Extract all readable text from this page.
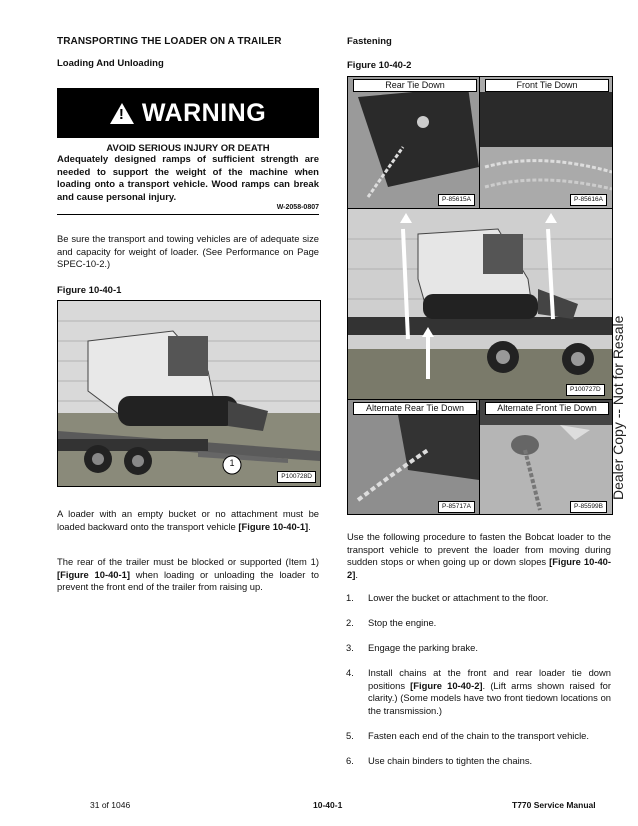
TRANSPORTING THE LOADER ON A TRAILER
Loading And Unloading
! WARNING
AVOID SERIOUS INJURY OR DEATH
Adequately designed ramps of sufficient strength are needed to support the weight of the machine when loading onto a transport vehicle. Wood ramps can break and cause personal injury.
W-2058-0807
Be sure the transport and towing vehicles are of adequate size and capacity for weight of loader. (See Performance on Page SPEC-10-2.)
Figure 10-40-1
1
P100728D
A loader with an empty bucket or no attachment must be loaded backward onto the transport vehicle [Figure 10-40-1].
The rear of the trailer must be blocked or supported (Item 1) [Figure 10-40-1] when loading or unloading the loader to prevent the front end of the trailer from raising up.
Fastening
Figure 10-40-2
Rear Tie Down	Front Tie Down
P-85615A	P-85616A
P100727D
Alternate Rear Tie Down	Alternate Front Tie Down
P-85717A	P-85599B
Use the following procedure to fasten the Bobcat loader to the transport vehicle to prevent the loader from moving during sudden stops or when going up or down slopes [Figure 10-40-2].
1. Lower the bucket or attachment to the floor.
2. Stop the engine.
3. Engage the parking brake.
4. Install chains at the front and rear loader tie down positions [Figure 10-40-2]. (Lift arms shown raised for clarity.) (Some models have two front tiedown locations on the transmission.)
5. Fasten each end of the chain to the transport vehicle.
6. Use chain binders to tighten the chains.
Dealer Copy -- Not for Resale
31 of 1046	10-40-1	T770 Service Manual
